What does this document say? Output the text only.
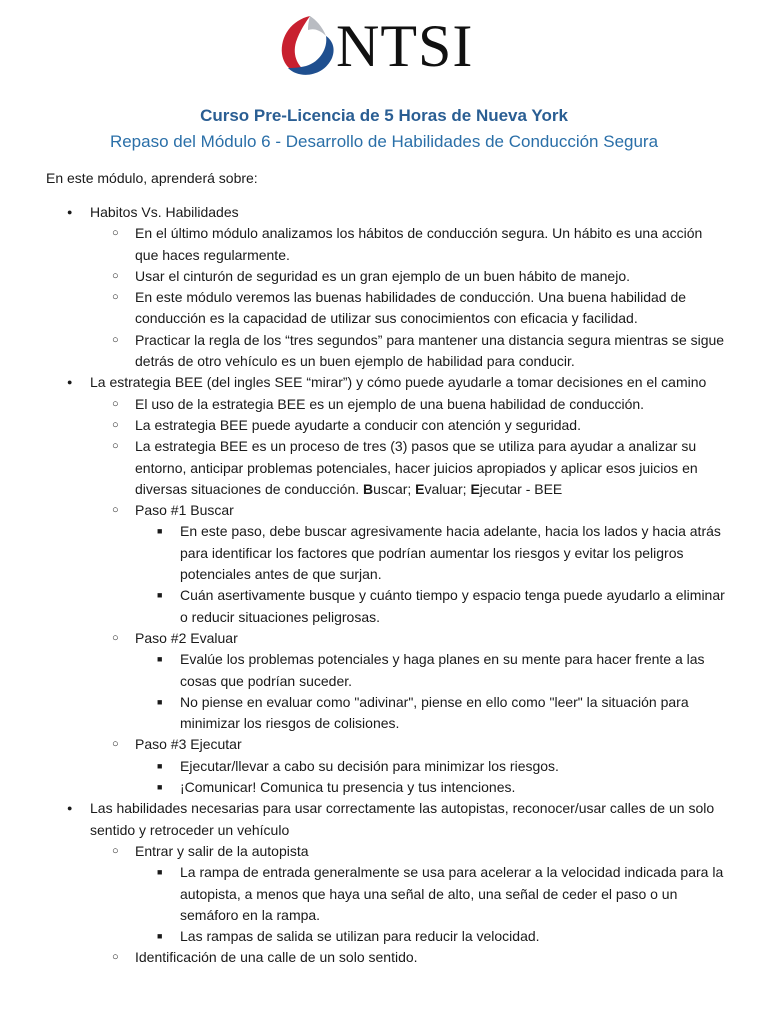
NTSI
Curso Pre-Licencia de 5 Horas de Nueva York
Repaso del Módulo 6 - Desarrollo de Habilidades de Conducción Segura
En este módulo, aprenderá sobre:
● Habitos Vs. Habilidades
○ En el último módulo analizamos los hábitos de conducción segura. Un hábito es una acción que haces regularmente.
○ Usar el cinturón de seguridad es un gran ejemplo de un buen hábito de manejo.
○ En este módulo veremos las buenas habilidades de conducción. Una buena habilidad de conducción es la capacidad de utilizar sus conocimientos con eficacia y facilidad.
○ Practicar la regla de los “tres segundos” para mantener una distancia segura mientras se sigue detrás de otro vehículo es un buen ejemplo de habilidad para conducir.
● La estrategia BEE (del ingles SEE “mirar”) y cómo puede ayudarle a tomar decisiones en el camino
○ El uso de la estrategia BEE es un ejemplo de una buena habilidad de conducción.
○ La estrategia BEE puede ayudarte a conducir con atención y seguridad.
○ La estrategia BEE es un proceso de tres (3) pasos que se utiliza para ayudar a analizar su entorno, anticipar problemas potenciales, hacer juicios apropiados y aplicar esos juicios en diversas situaciones de conducción. Buscar; Evaluar; Ejecutar - BEE
○ Paso #1 Buscar
■ En este paso, debe buscar agresivamente hacia adelante, hacia los lados y hacia atrás para identificar los factores que podrían aumentar los riesgos y evitar los peligros potenciales antes de que surjan.
■ Cuán asertivamente busque y cuánto tiempo y espacio tenga puede ayudarlo a eliminar o reducir situaciones peligrosas.
○ Paso #2 Evaluar
■ Evalúe los problemas potenciales y haga planes en su mente para hacer frente a las cosas que podrían suceder.
■ No piense en evaluar como "adivinar", piense en ello como "leer" la situación para minimizar los riesgos de colisiones.
○ Paso #3 Ejecutar
■ Ejecutar/llevar a cabo su decisión para minimizar los riesgos.
■ ¡Comunicar! Comunica tu presencia y tus intenciones.
● Las habilidades necesarias para usar correctamente las autopistas, reconocer/usar calles de un solo sentido y retroceder un vehículo
○ Entrar y salir de la autopista
■ La rampa de entrada generalmente se usa para acelerar a la velocidad indicada para la autopista, a menos que haya una señal de alto, una señal de ceder el paso o un semáforo en la rampa.
■ Las rampas de salida se utilizan para reducir la velocidad.
○ Identificación de una calle de un solo sentido.
